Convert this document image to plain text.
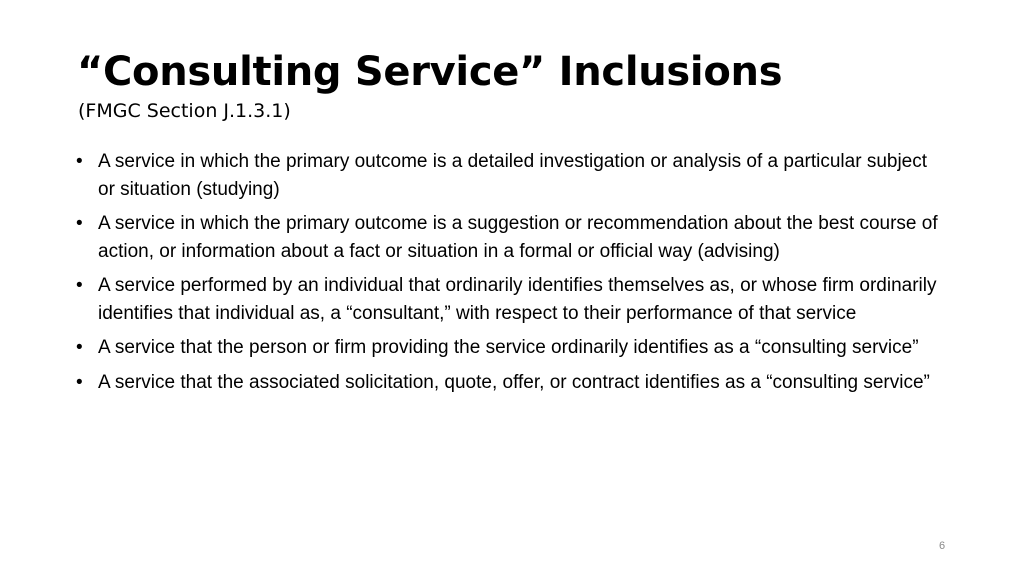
“Consulting Service” Inclusions
(FMGC Section J.1.3.1)
• A service in which the primary outcome is a detailed investigation or analysis of a particular subject or situation (studying)
• A service in which the primary outcome is a suggestion or recommendation about the best course of action, or information about a fact or situation in a formal or official way (advising)
• A service performed by an individual that ordinarily identifies themselves as, or whose firm ordinarily identifies that individual as, a “consultant,” with respect to their performance of that service
• A service that the person or firm providing the service ordinarily identifies as a “consulting service”
• A service that the associated solicitation, quote, offer, or contract identifies as a “consulting service”
6
